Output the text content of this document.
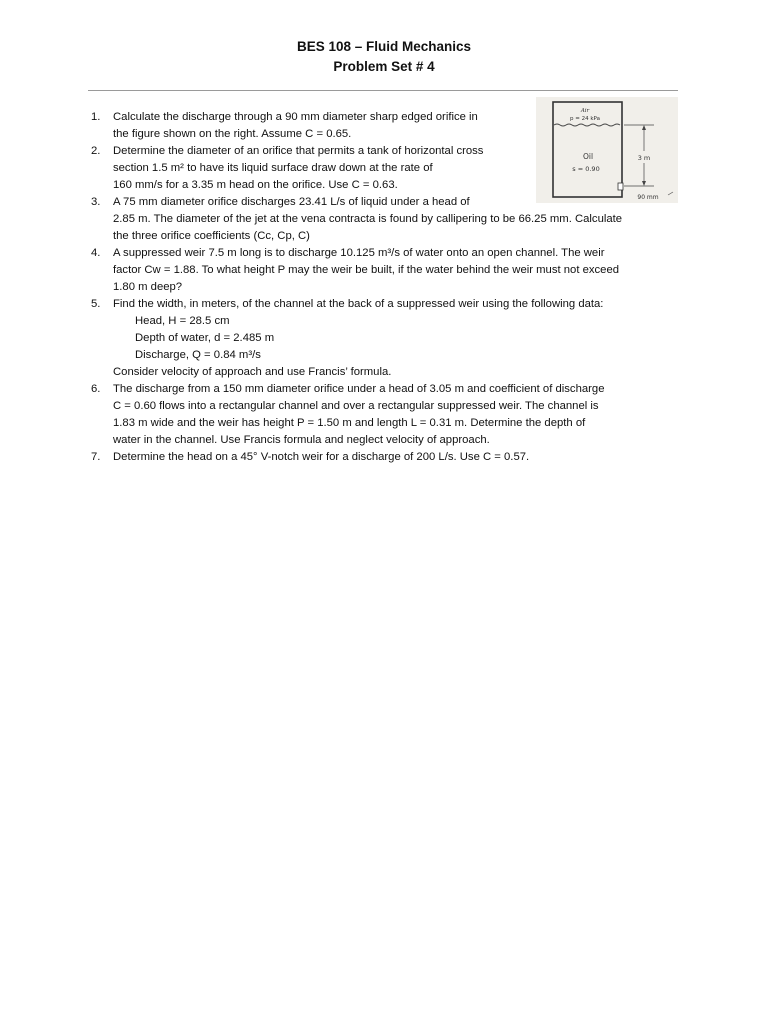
BES 108 – Fluid Mechanics
Problem Set # 4
Air
p = 24 kPa
Oil
s = 0.90
3 m
90 mm
1. Calculate the discharge through a 90 mm diameter sharp edged orifice in
the figure shown on the right. Assume C = 0.65.
2. Determine the diameter of an orifice that permits a tank of horizontal cross
section 1.5 m² to have its liquid surface draw down at the rate of
160 mm/s for a 3.35 m head on the orifice. Use C = 0.63.
3. A 75 mm diameter orifice discharges 23.41 L/s of liquid under a head of
2.85 m. The diameter of the jet at the vena contracta is found by callipering to be 66.25 mm. Calculate
the three orifice coefficients (Cc, Cp, C)
4. A suppressed weir 7.5 m long is to discharge 10.125 m³/s of water onto an open channel. The weir
factor Cw = 1.88. To what height P may the weir be built, if the water behind the weir must not exceed
1.80 m deep?
5. Find the width, in meters, of the channel at the back of a suppressed weir using the following data:
Head, H = 28.5 cm
Depth of water, d = 2.485 m
Discharge, Q = 0.84 m³/s
Consider velocity of approach and use Francis’ formula.
6. The discharge from a 150 mm diameter orifice under a head of 3.05 m and coefficient of discharge
C = 0.60 flows into a rectangular channel and over a rectangular suppressed weir. The channel is
1.83 m wide and the weir has height P = 1.50 m and length L = 0.31 m. Determine the depth of
water in the channel. Use Francis formula and neglect velocity of approach.
7. Determine the head on a 45° V-notch weir for a discharge of 200 L/s. Use C = 0.57.
